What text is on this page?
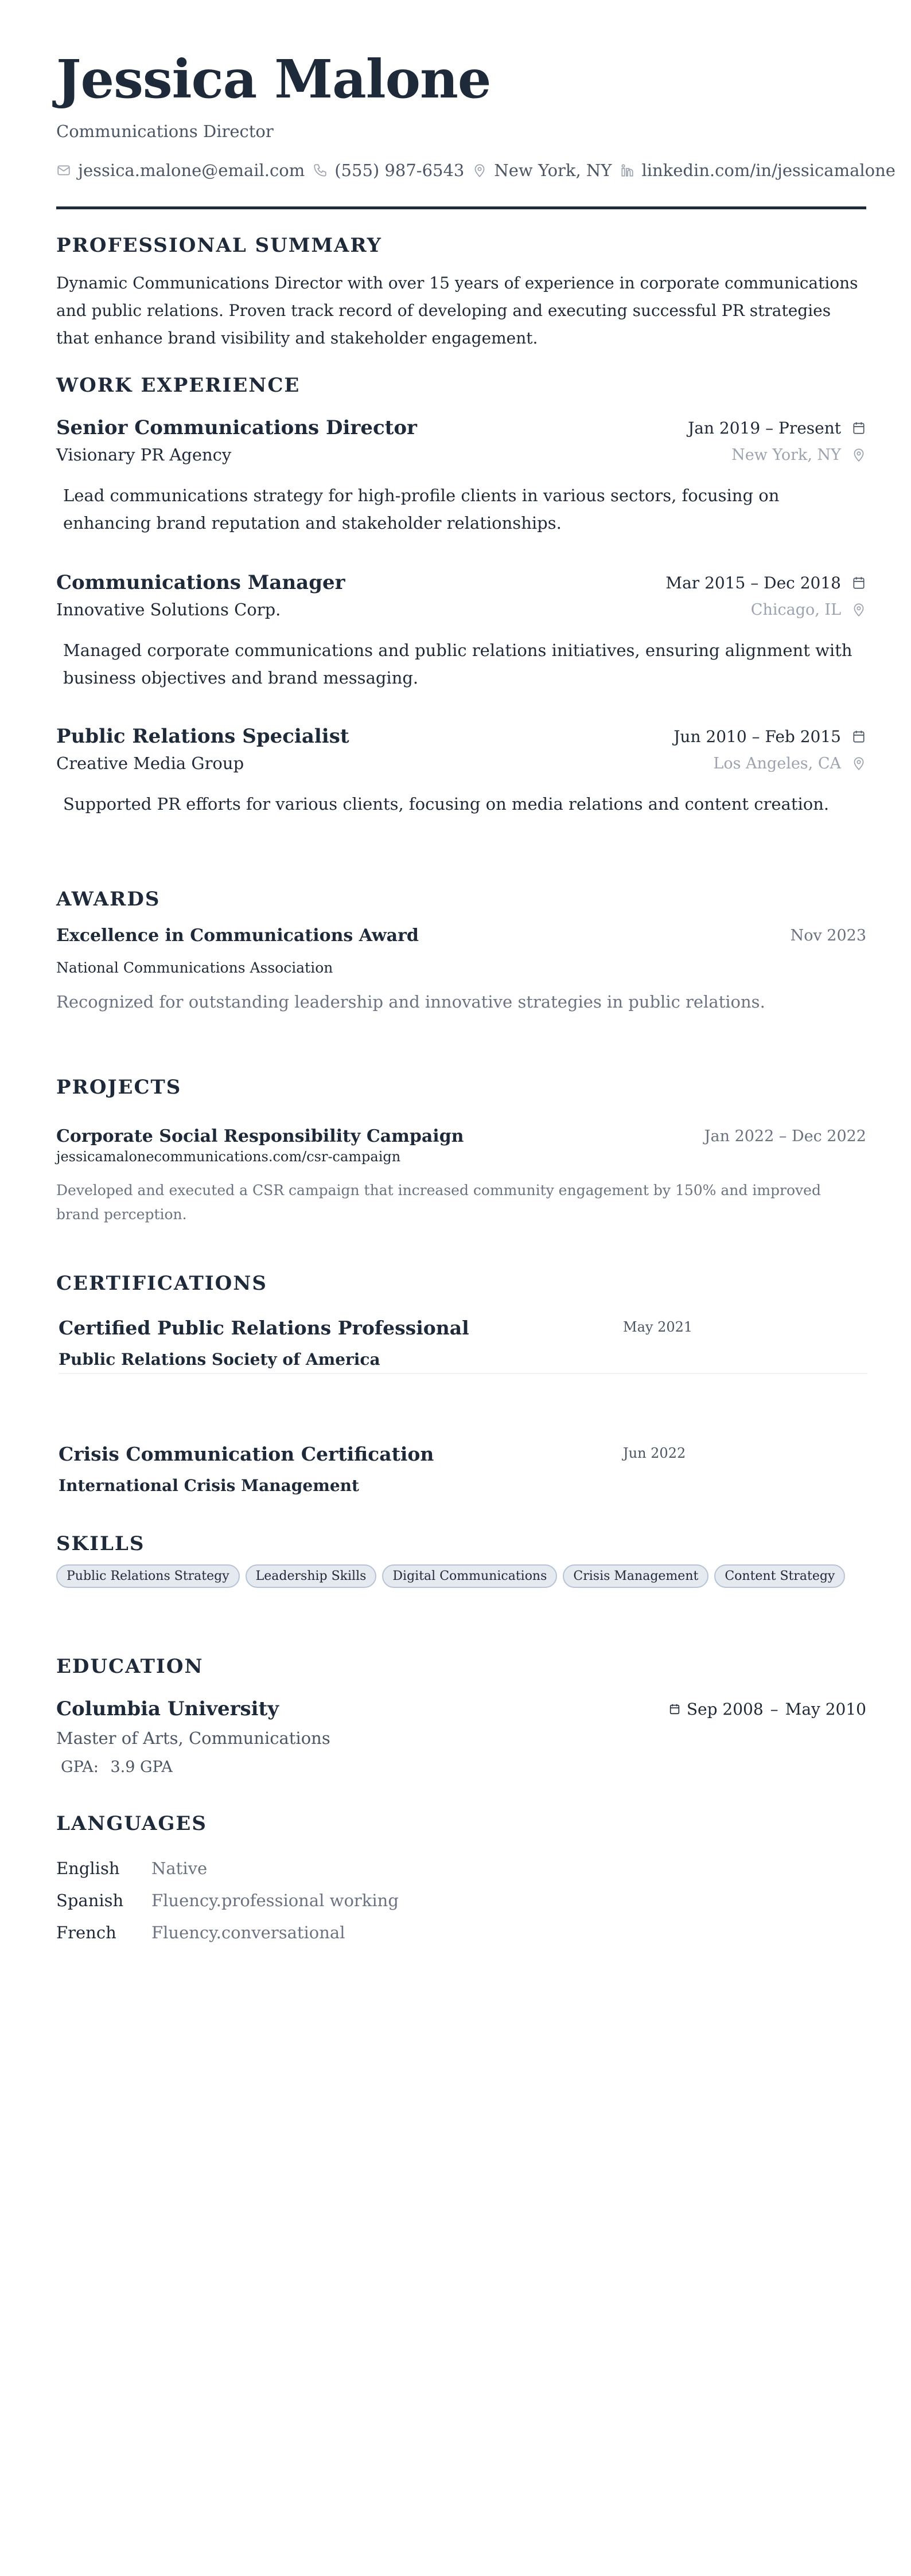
Jessica Malone
Communications Director
jessica.malone@email.com (555) 987-6543 New York, NY linkedin.com/in/jessicamalone
PROFESSIONAL SUMMARY

Dynamic Communications Director with over 15 years of experience in corporate communications and public relations. Proven track record of developing and executing successful PR strategies that enhance brand visibility and stakeholder engagement.

WORK EXPERIENCE
Senior Communications Director	Jan 2019 – Present
Visionary PR Agency	New York, NY

Lead communications strategy for high-profile clients in various sectors, focusing on enhancing brand reputation and stakeholder relationships.

Communications Manager	Mar 2015 – Dec 2018
Innovative Solutions Corp.	Chicago, IL

Managed corporate communications and public relations initiatives, ensuring alignment with business objectives and brand messaging.

Public Relations Specialist	Jun 2010 – Feb 2015
Creative Media Group	Los Angeles, CA

Supported PR efforts for various clients, focusing on media relations and content creation.

AWARDS
Excellence in Communications Award	Nov 2023
National Communications Association
Recognized for outstanding leadership and innovative strategies in public relations.
PROJECTS
Corporate Social Responsibility Campaign	Jan 2022 – Dec 2022
jessicamalonecommunications.com/csr-campaign
Developed and executed a CSR campaign that increased community engagement by 150% and improved brand perception.
CERTIFICATIONS
Certified Public Relations Professional	May 2021
Public Relations Society of America
Crisis Communication Certification	Jun 2022
International Crisis Management
SKILLS
Public Relations Strategy	Leadership Skills	Digital Communications	Crisis Management	Content Strategy
EDUCATION
Columbia University	Sep 2008 – May 2010
Master of Arts, Communications
GPA: 3.9 GPA
LANGUAGES
English	Native
Spanish	Fluency.professional working
French	Fluency.conversational
